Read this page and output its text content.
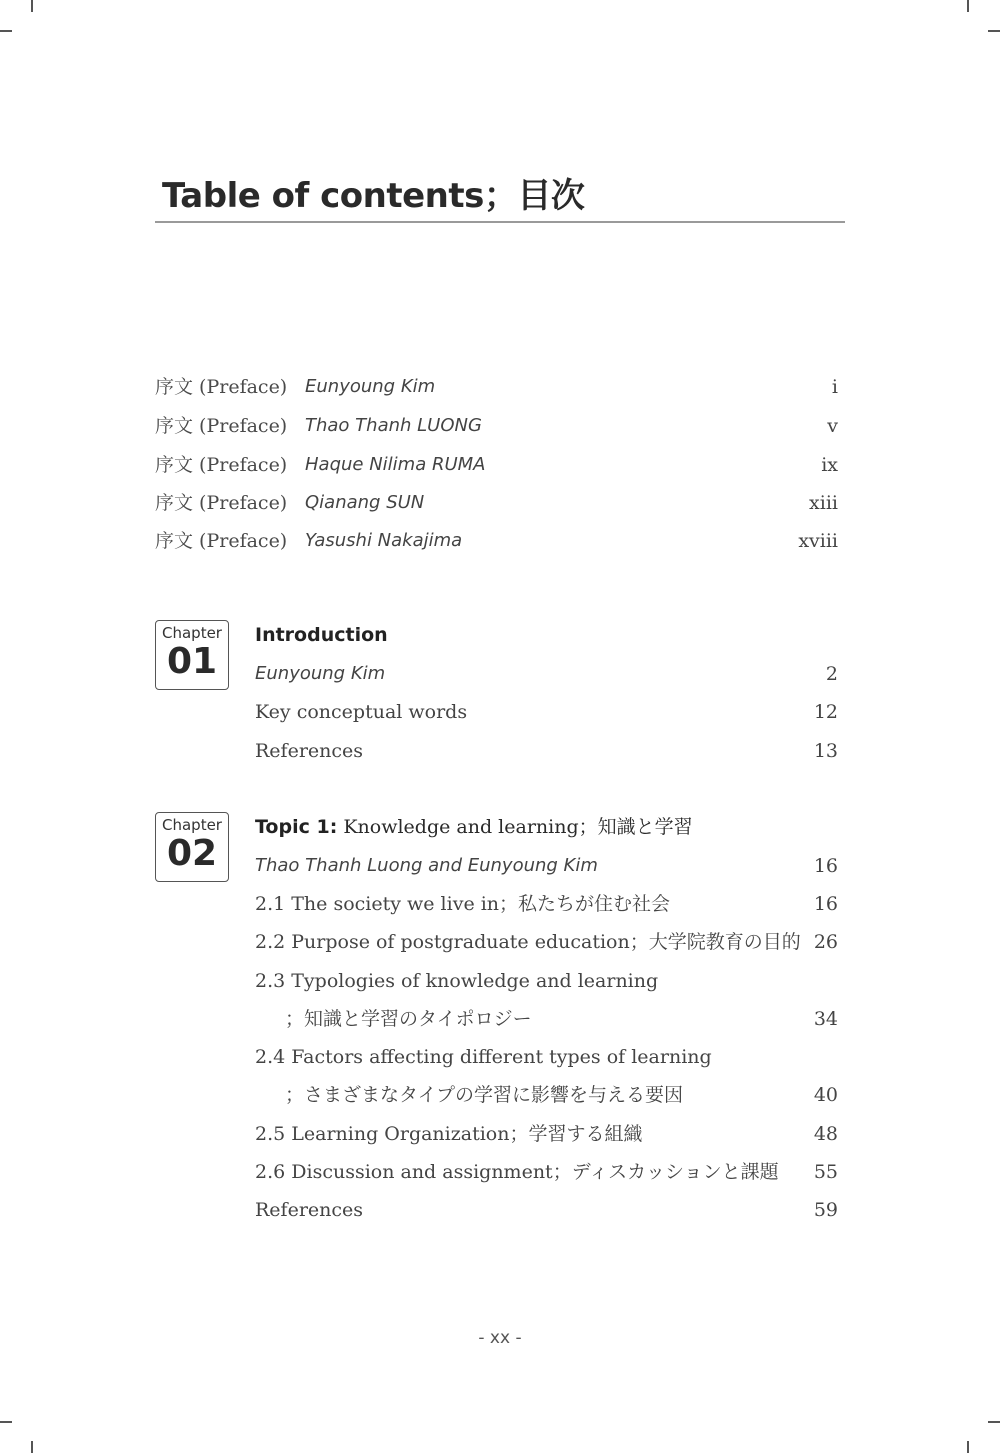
Table of contents；目次
序文 (Preface) Eunyoung Kim	i
序文 (Preface) Thao Thanh LUONG	v
序文 (Preface) Haque Nilima RUMA	ix
序文 (Preface) Qianang SUN	xiii
序文 (Preface) Yasushi Nakajima	xviii
Chapter
01
Introduction
Eunyoung Kim	2
Key conceptual words	12
References	13
Chapter
02
Topic 1: Knowledge and learning；知識と学習
Thao Thanh Luong and Eunyoung Kim	16
2.1 The society we live in；私たちが住む社会	16
2.2 Purpose of postgraduate education；大学院教育の目的 26
2.3 Typologies of knowledge and learning
；知識と学習のタイポロジー	34
2.4 Factors affecting different types of learning
；さまざまなタイプの学習に影響を与える要因	40
2.5 Learning Organization；学習する組織	48
2.6 Discussion and assignment；ディスカッションと課題 55
References	59
- xx -
